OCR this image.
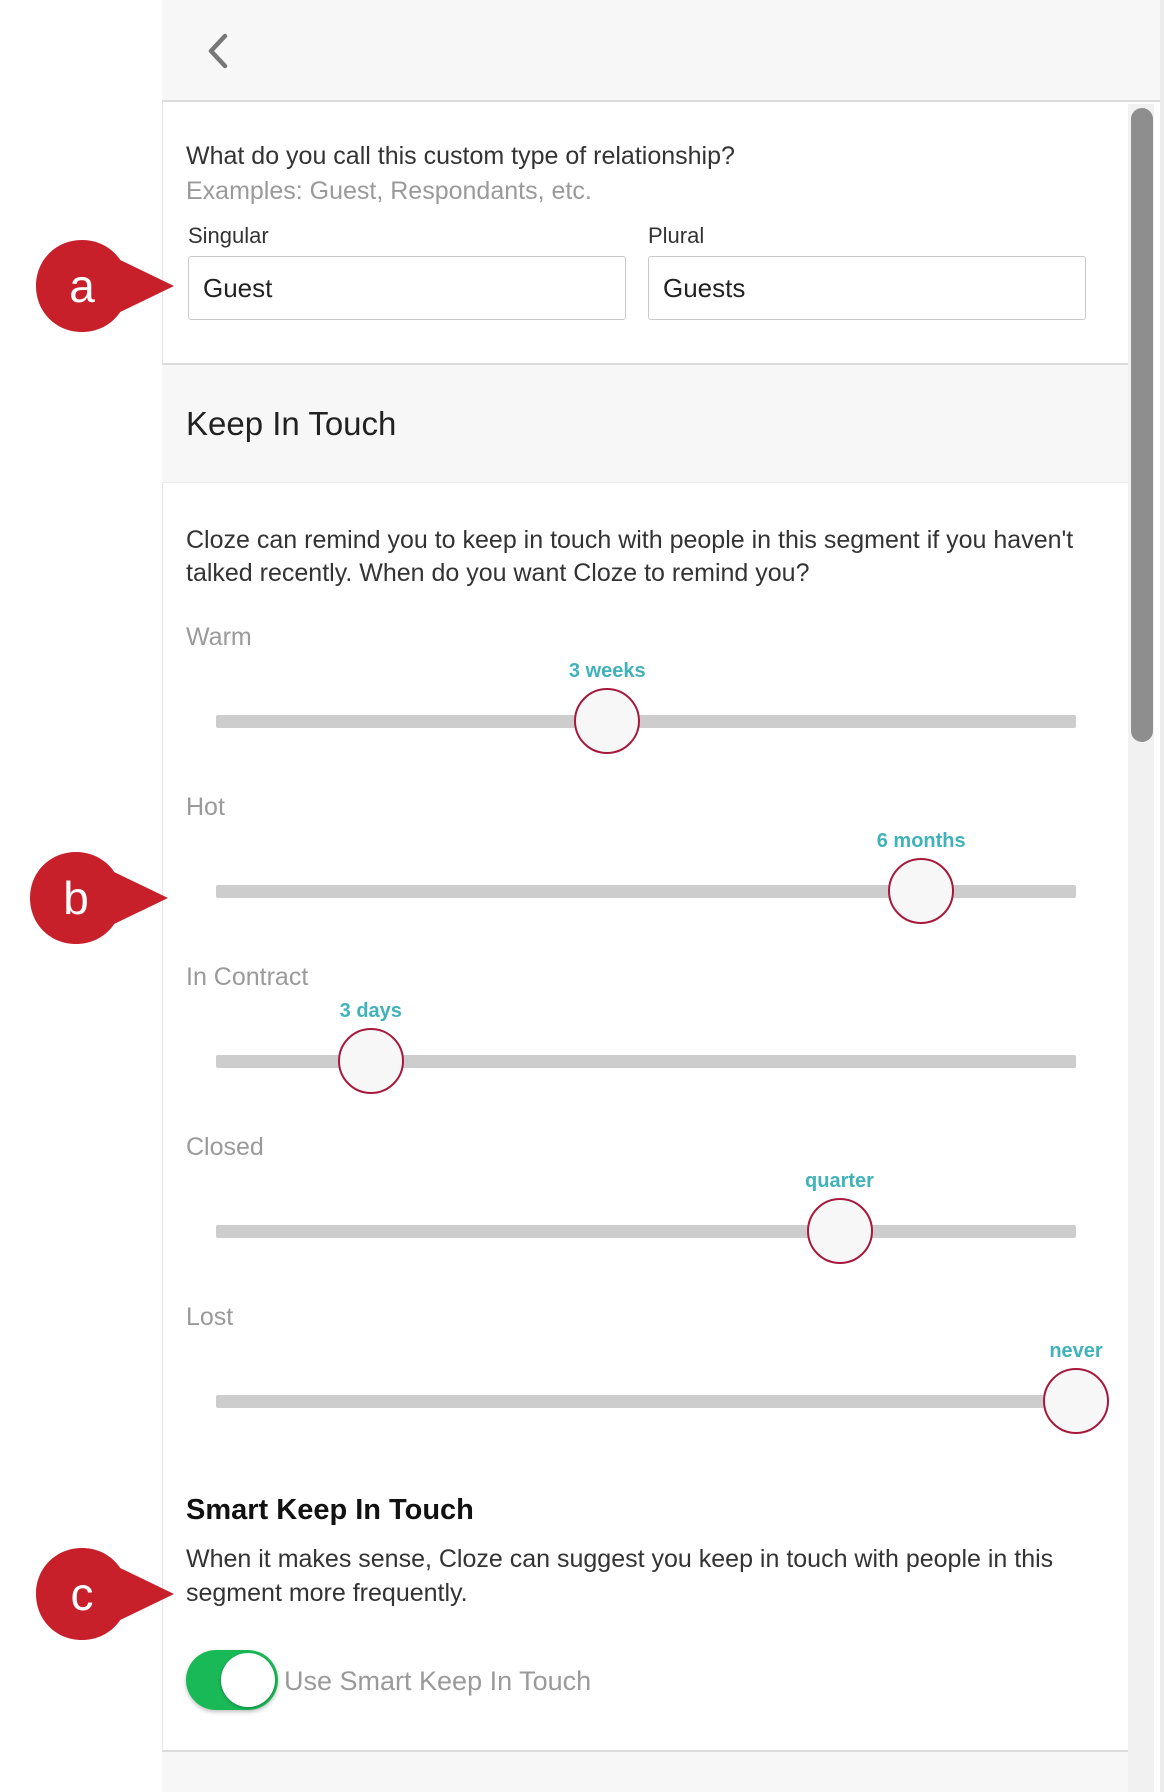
What do you call this custom type of relationship?
Examples: Guest, Respondants, etc.
Singular
Guest	Plural
Guests
Keep In Touch
Cloze can remind you to keep in touch with people in this segment if you haven't talked recently. When do you want Cloze to remind you?
Warm
3 weeks
Hot
6 months
In Contract
3 days
Closed
quarter
Lost
never
Smart Keep In Touch
When it makes sense, Cloze can suggest you keep in touch with people in this segment more frequently.
Use Smart Keep In Touch
a
b
c
